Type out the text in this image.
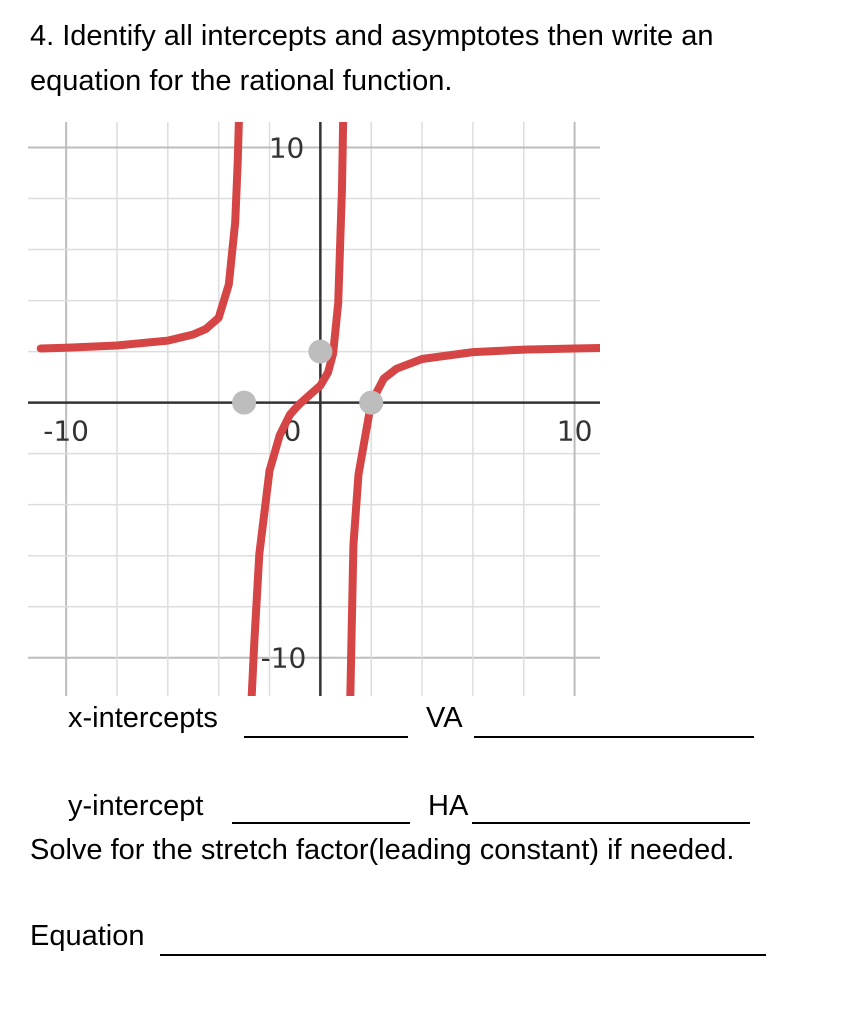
4. Identify all intercepts and asymptotes then write an
equation for the rational function.
-10	0	10
10
-10
x-intercepts	VA
y-intercept	HA
Solve for the stretch factor(leading constant) if needed.
Equation
